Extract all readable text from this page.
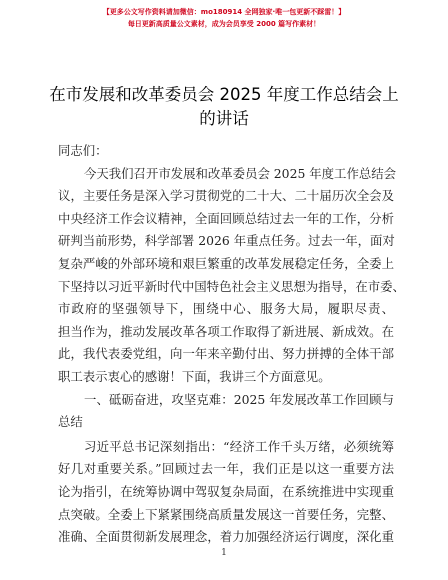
【更多公文写作资料请加微信：mo180914 全网独家·唯一包更新不踩雷！】
每日更新高质量公文素材，成为会员享受 2000 篇写作素材！
在市发展和改革委员会 2025 年度工作总结会上
的讲话
同志们：
今天我们召开市发展和改革委员会 2025 年度工作总结会
议，主要任务是深入学习贯彻党的二十大、二十届历次全会及
中央经济工作会议精神，全面回顾总结过去一年的工作，分析
研判当前形势，科学部署 2026 年重点任务。过去一年，面对
复杂严峻的外部环境和艰巨繁重的改革发展稳定任务，全委上
下坚持以习近平新时代中国特色社会主义思想为指导，在市委、
市政府的坚强领导下，围绕中心、服务大局，履职尽责、
担当作为，推动发展改革各项工作取得了新进展、新成效。在
此，我代表委党组，向一年来辛勤付出、努力拼搏的全体干部
职工表示衷心的感谢！下面，我讲三个方面意见。
一、砥砺奋进，攻坚克难：2025 年发展改革工作回顾与
总结
习近平总书记深刻指出：“经济工作千头万绪，必须统筹
好几对重要关系。”回顾过去一年，我们正是以这一重要方法
论为指引，在统筹协调中驾驭复杂局面，在系统推进中实现重
点突破。全委上下紧紧围绕高质量发展这一首要任务，完整、
准确、全面贯彻新发展理念，着力加强经济运行调度，深化重
1
